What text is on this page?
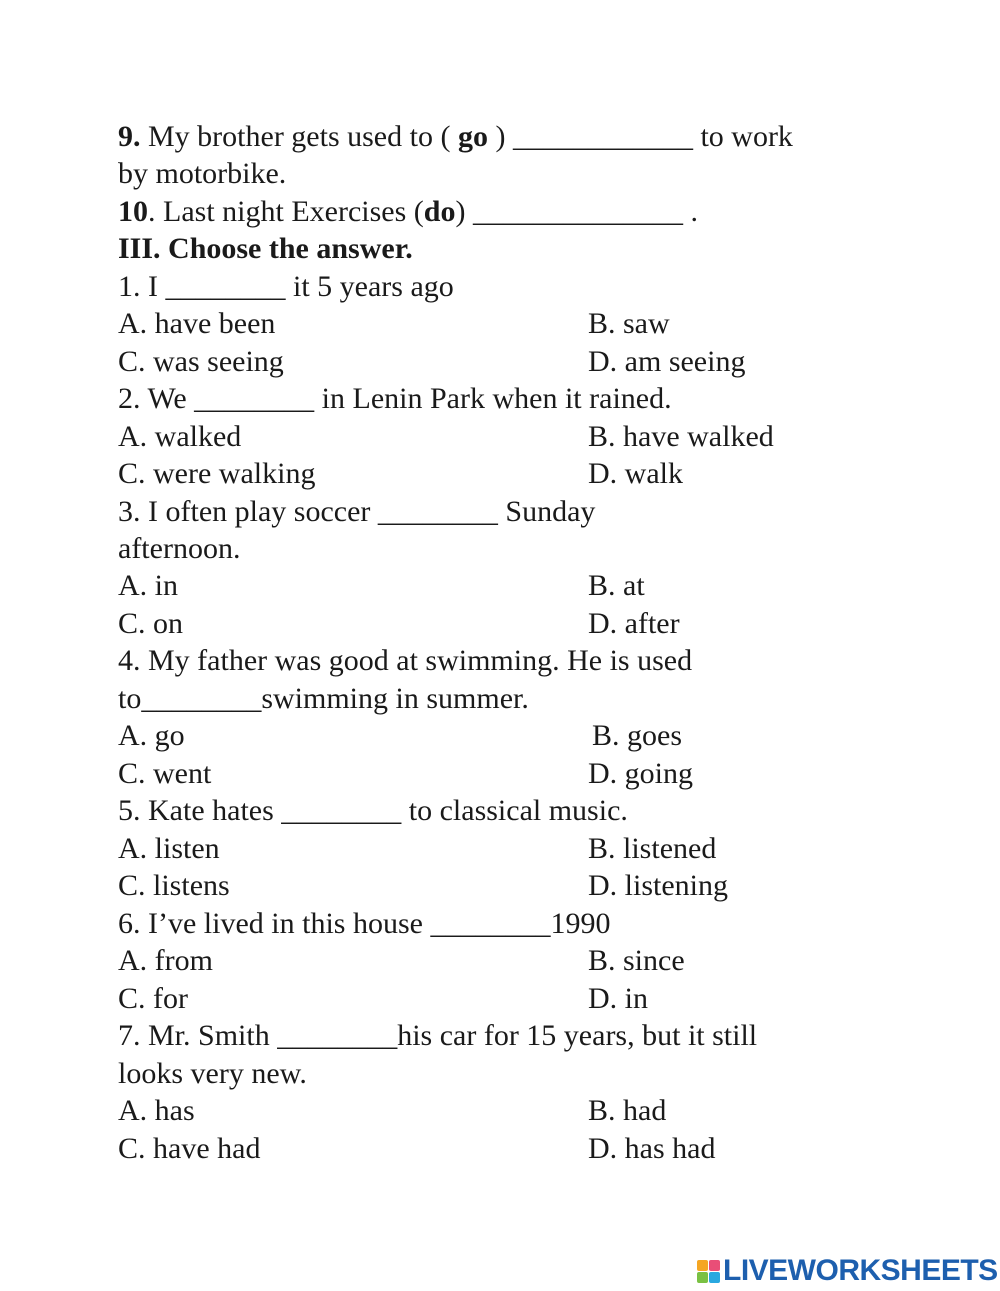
9. My brother gets used to ( go ) ____________ to work
by motorbike.
10. Last night Exercises (do) ______________ .
III. Choose the answer.
1. I ________ it 5 years ago
A. have been	B. saw
C. was seeing	D. am seeing
2. We ________ in Lenin Park when it rained.
A. walked	B. have walked
C. were walking	D. walk
3. I often play soccer ________ Sunday
afternoon.
A. in	B. at
C. on	D. after
4. My father was good at swimming. He is used
to________swimming in summer.
A. go	B. goes
C. went	D. going
5. Kate hates ________ to classical music.
A. listen	B. listened
C. listens	D. listening
6. I’ve lived in this house ________1990
A. from	B. since
C. for	D. in
7. Mr. Smith ________his car for 15 years, but it still
looks very new.
A. has	B. had
C. have had	D. has had
LIVEWORKSHEETS
